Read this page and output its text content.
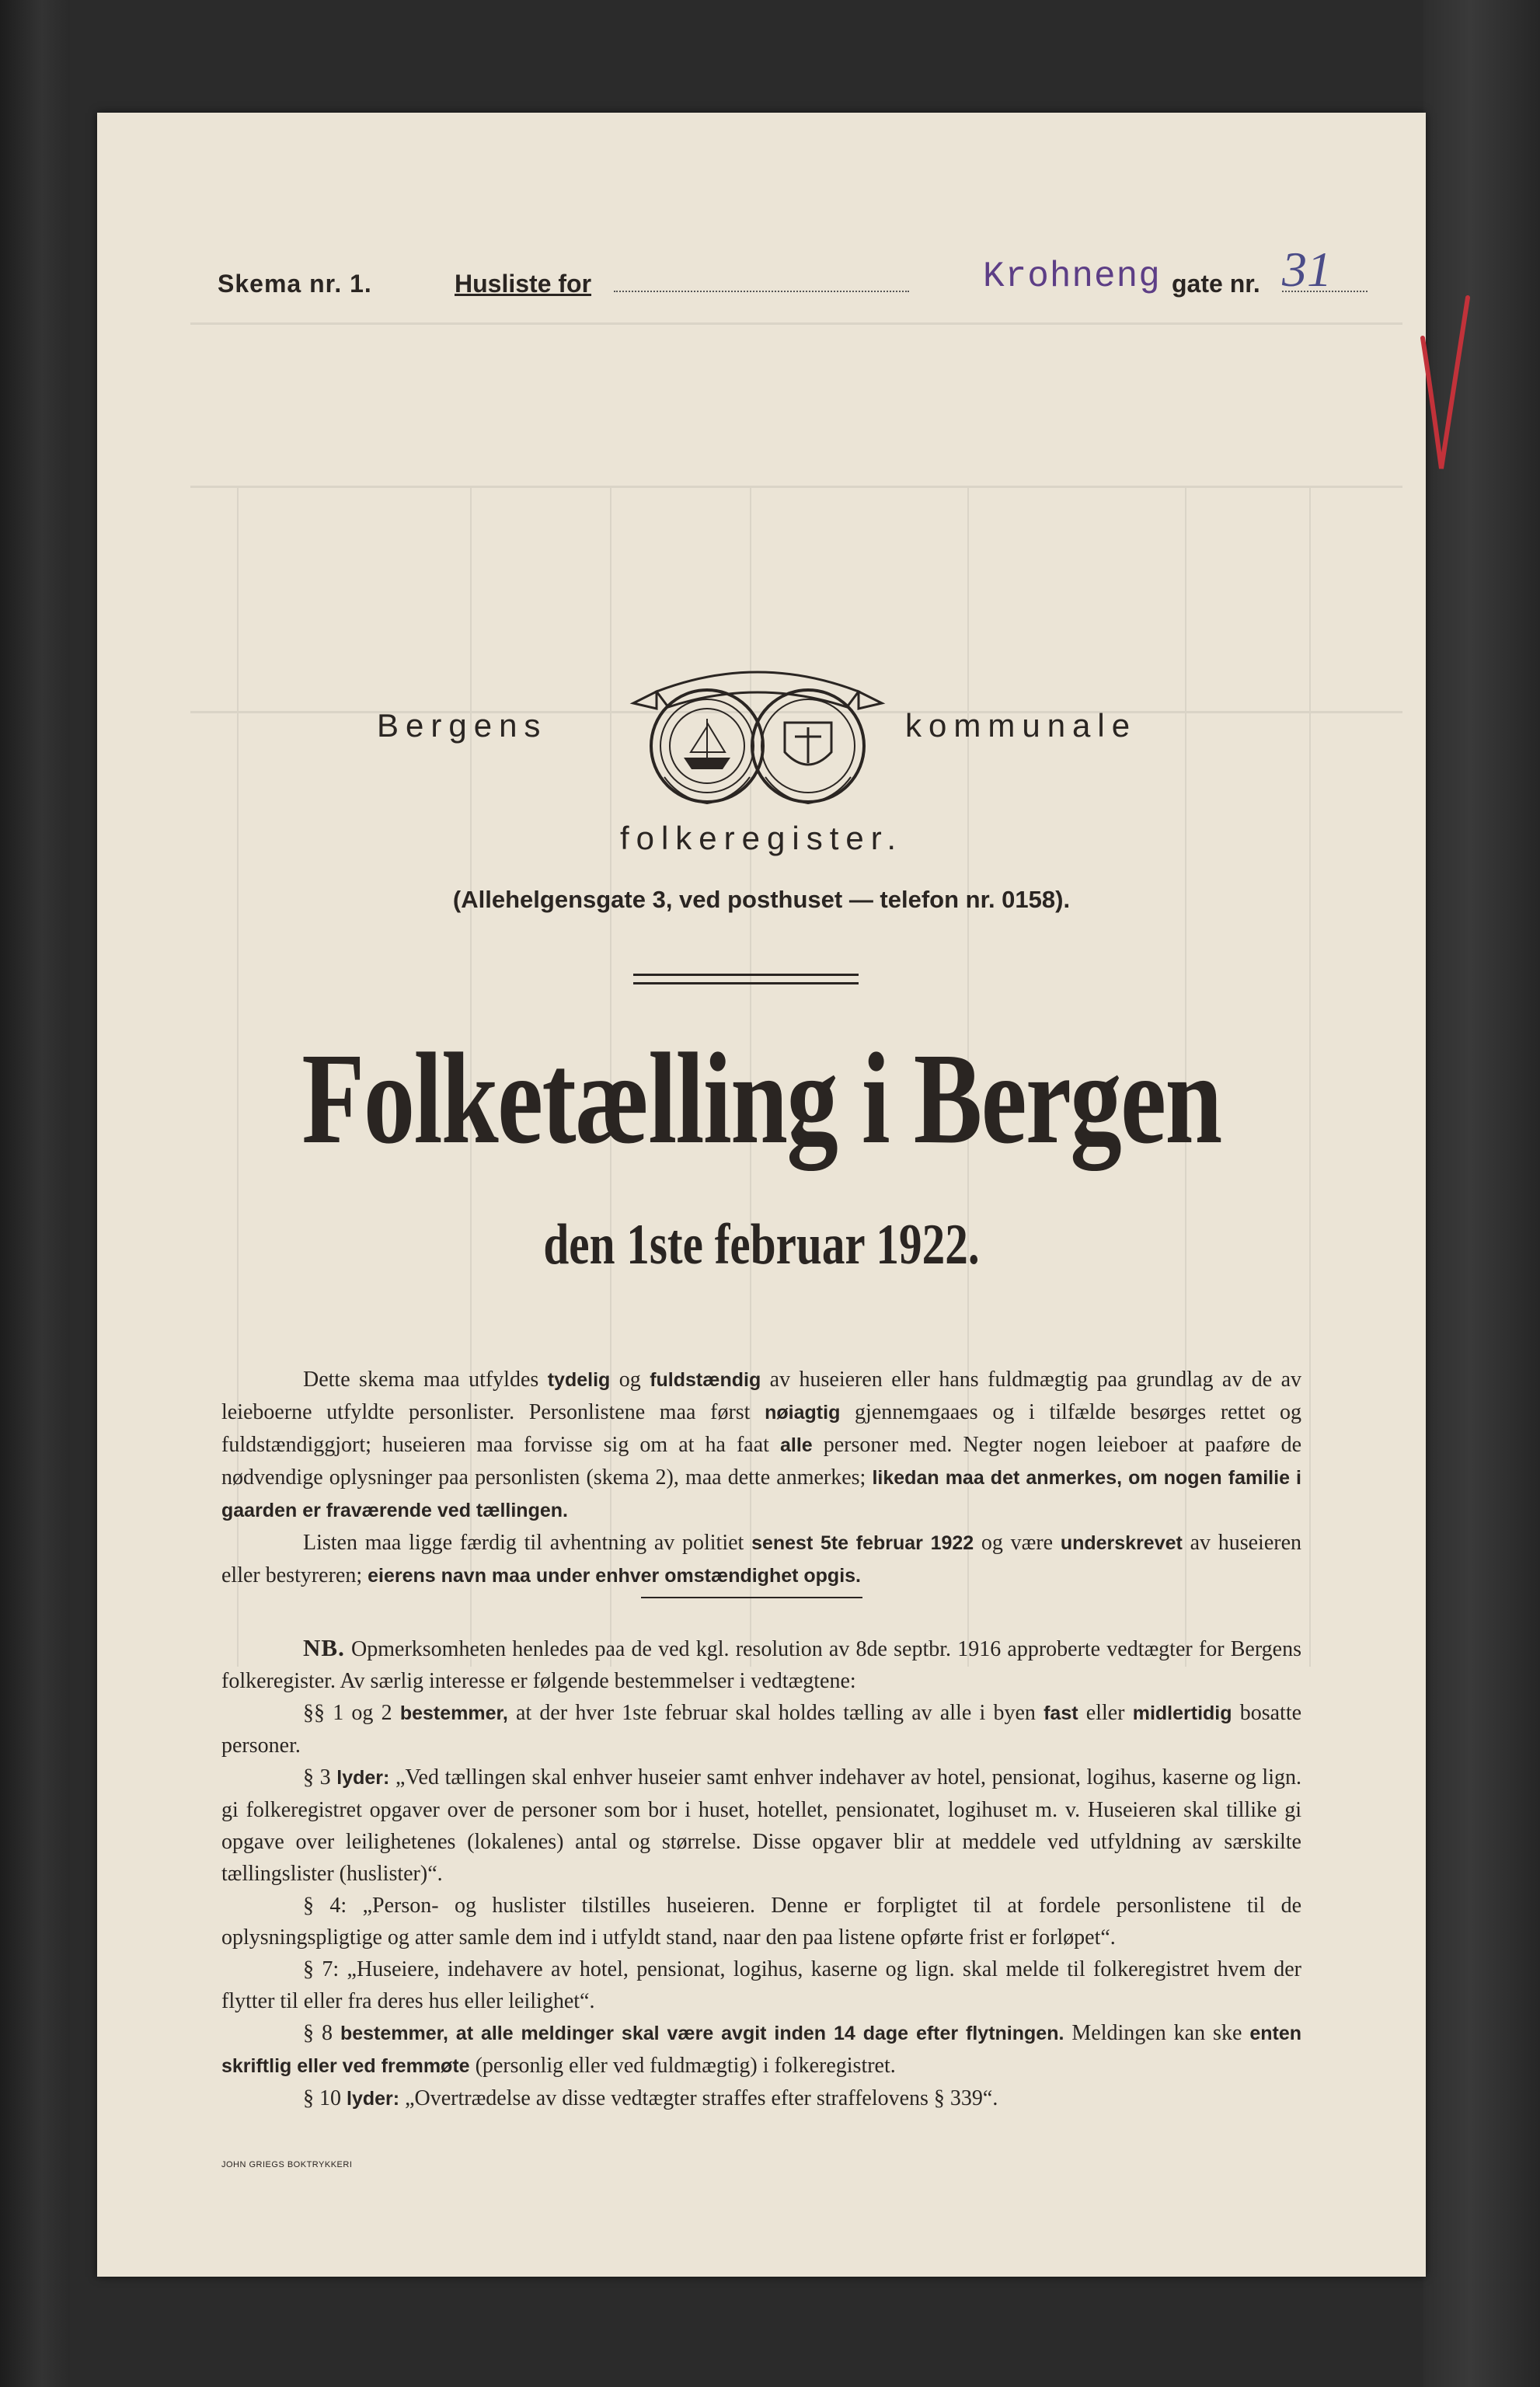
Skema nr. 1.	Husliste for	Krohneng gate nr. 31
Bergens	kommunale
folkeregister.
(Allehelgensgate 3, ved posthuset — telefon nr. 0158).
Folketælling i Bergen
den 1ste februar 1922.

Dette skema maa utfyldes tydelig og fuldstændig av huseieren eller hans fuldmægtig paa grundlag av de av leieboerne utfyldte personlister. Personlistene maa først nøiagtig gjennemgaaes og i tilfælde besørges rettet og fuldstændiggjort; huseieren maa forvisse sig om at ha faat alle personer med. Negter nogen leieboer at paaføre de nødvendige oplysninger paa personlisten (skema 2), maa dette anmerkes; likedan maa det anmerkes, om nogen familie i gaarden er fraværende ved tællingen.

Listen maa ligge færdig til avhentning av politiet senest 5te februar 1922 og være underskrevet av huseieren eller bestyreren; eierens navn maa under enhver omstændighet opgis.

NB. Opmerksomheten henledes paa de ved kgl. resolution av 8de septbr. 1916 approberte vedtægter for Bergens folkeregister. Av særlig interesse er følgende bestemmelser i vedtægtene:

§§ 1 og 2 bestemmer, at der hver 1ste februar skal holdes tælling av alle i byen fast eller midlertidig bosatte personer.

§ 3 lyder: „Ved tællingen skal enhver huseier samt enhver indehaver av hotel, pensionat, logihus, kaserne og lign. gi folkeregistret opgaver over de personer som bor i huset, hotellet, pensionatet, logihuset m. v. Huseieren skal tillike gi opgave over leilighetenes (lokalenes) antal og størrelse. Disse opgaver blir at meddele ved utfyldning av særskilte tællingslister (huslister)“.

§ 4: „Person- og huslister tilstilles huseieren. Denne er forpligtet til at fordele personlistene til de oplysningspligtige og atter samle dem ind i utfyldt stand, naar den paa listene opførte frist er forløpet“.

§ 7: „Huseiere, indehavere av hotel, pensionat, logihus, kaserne og lign. skal melde til folkeregistret hvem der flytter til eller fra deres hus eller leilighet“.

§ 8 bestemmer, at alle meldinger skal være avgit inden 14 dage efter flytningen. Meldingen kan ske enten skriftlig eller ved fremmøte (personlig eller ved fuldmægtig) i folkeregistret.

§ 10 lyder: „Overtrædelse av disse vedtægter straffes efter straffelovens § 339“.

JOHN GRIEGS BOKTRYKKERI
